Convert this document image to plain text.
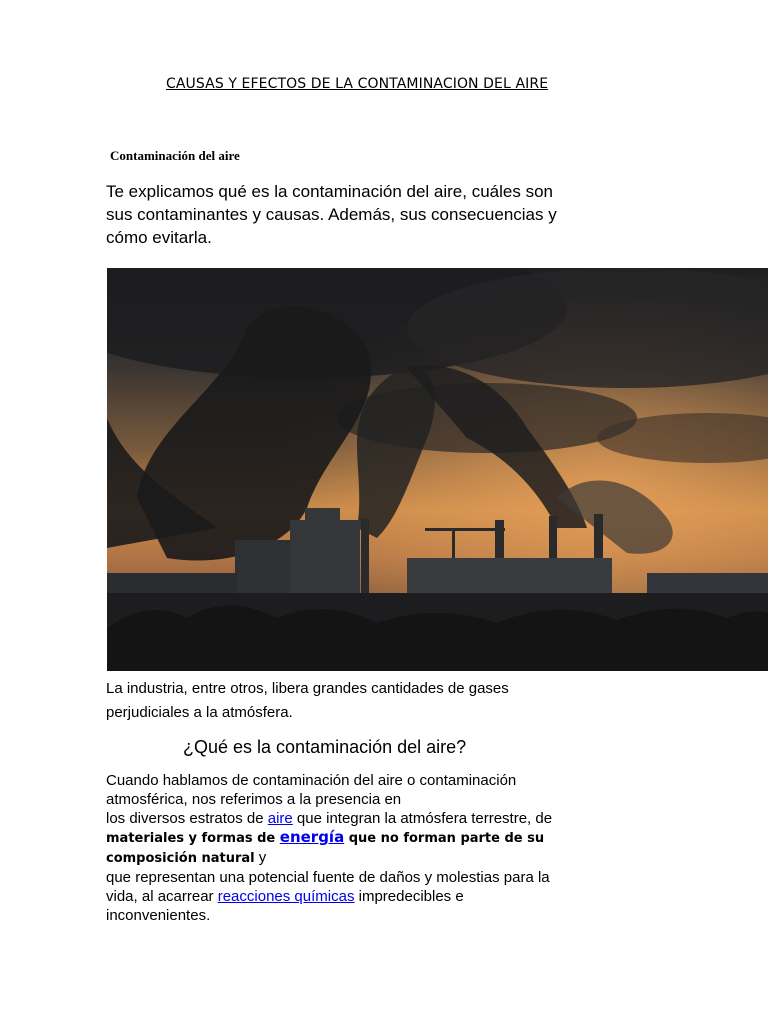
CAUSAS Y EFECTOS DE LA CONTAMINACION DEL AIRE
Contaminación del aire
Te explicamos qué es la contaminación del aire, cuáles son sus contaminantes y causas. Además, sus consecuencias y cómo evitarla.
La industria, entre otros, libera grandes cantidades de gases perjudiciales a la atmósfera.
¿Qué es la contaminación del aire?
Cuando hablamos de contaminación del aire o contaminación atmosférica, nos referimos a la presencia en
los diversos estratos de aire que integran la atmósfera terrestre, de materiales y formas de energía que no forman parte de su composición natural y
que representan una potencial fuente de daños y molestias para la vida, al acarrear reacciones químicas impredecibles e inconvenientes.
